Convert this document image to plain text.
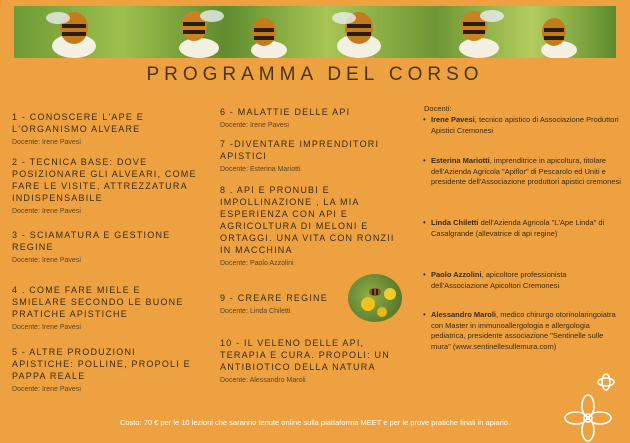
PROGRAMMA DEL CORSO
1 - CONOSCERE L'APE E L'ORGANISMO ALVEARE
Docente: Irene Pavesi
2 - TECNICA BASE: DOVE POSIZIONARE GLI ALVEARI, COME FARE LE VISITE, ATTREZZATURA INDISPENSABILE
Docente: Irene Pavesi
3 - SCIAMATURA E GESTIONE REGINE
Docente: Irene Pavesi
4 . COME FARE MIELE E SMIELARE SECONDO LE BUONE PRATICHE APISTICHE
Docente: Irene Pavesi
5 - ALTRE PRODUZIONI APISTICHE: POLLINE, PROPOLI E PAPPA REALE
Docente: Irene Pavesi
6 - MALATTIE DELLE API
Docente: Irene Pavesi
7 -DIVENTARE IMPRENDITORI APISTICI
Docente: Esterina Mariotti
8 . API E PRONUBI E IMPOLLINAZIONE , LA MIA ESPERIENZA CON API E AGRICOLTURA DI MELONI E ORTAGGI. UNA VITA CON RONZII IN MACCHINA
Docente: Paolo Azzolini
9 - CREARE REGINE
Docente: Linda Chiletti
10 - IL VELENO DELLE API, TERAPIA E CURA. PROPOLI: UN ANTIBIOTICO DELLA NATURA
Docente: Alessandro Maroli
Docenti:
• Irene Pavesi, tecnico apistico di Associazione Produttori Apistici Cremonesi
• Esterina Mariotti, imprenditrice in apicoltura, titolare dell'Azienda Agricola "Apiflor" di Pescarolo ed Uniti e presidente dell'Associazione produttori apistici cremonesi
• Linda Chiletti dell'Azienda Agricola "L'Ape Linda" di Casalgrande (allevatrice di api regine)
• Paolo Azzolini, apicoltore professionista dell'Associazione Apicoltori Cremonesi
• Alessandro Maroli, medico chirurgo otorinolaringoiatra con Master in immunoallergologia e allergologia pediatrica, presidente associazione "Sentinelle sulle mura" (www.sentinellesullemura.com)
Costo: 70 € per le 10 lezioni che saranno tenute online sulla piattaforma MEET e per le prove pratiche finali in apiario.
